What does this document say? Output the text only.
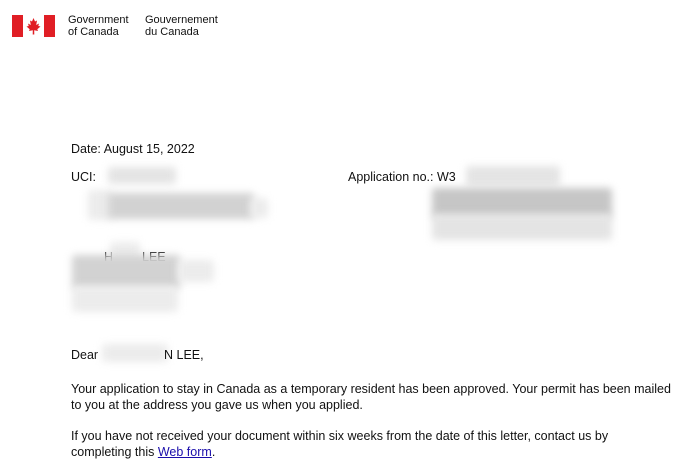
Government
of Canada
Gouvernement
du Canada
Date: August 15, 2022
UCI:	Application no.: W3
Dear	N LEE,
Your application to stay in Canada as a temporary resident has been approved. Your permit has been mailed to you at the address you gave us when you applied.
If you have not received your document within six weeks from the date of this letter, contact us by completing this Web form.
